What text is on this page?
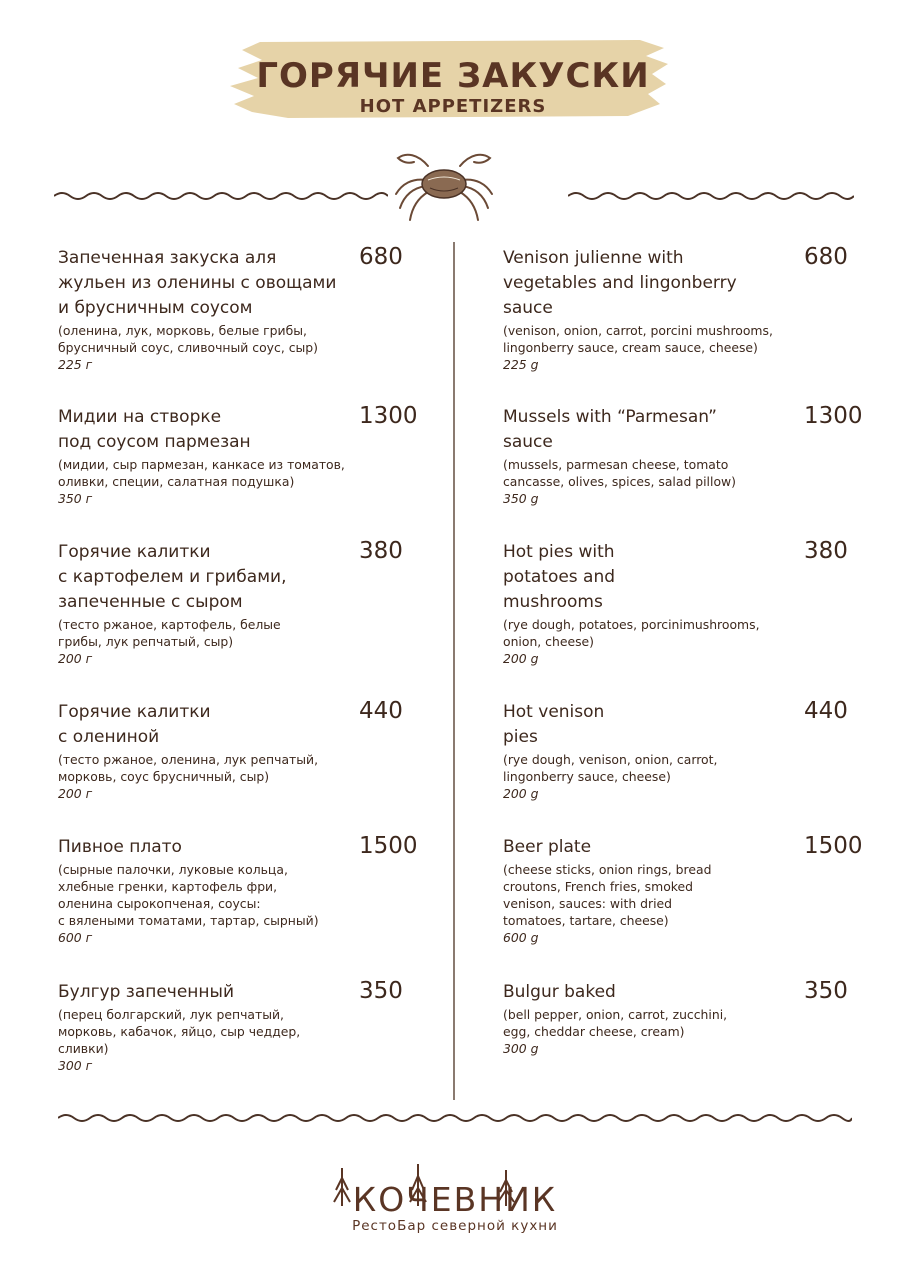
ГОРЯЧИЕ ЗАКУСКИ
HOT APPETIZERS
Запеченная закуска аля
жульен из оленины с овощами
и брусничным соусом
(оленина, лук, морковь, белые грибы,
брусничный соус, сливочный соус, сыр)
225 г
680
Мидии на створке
под соусом пармезан
(мидии, сыр пармезан, канкасе из томатов,
оливки, специи, салатная подушка)
350 г
1300
Горячие калитки
с картофелем и грибами,
запеченные с сыром
(тесто ржаное, картофель, белые
грибы, лук репчатый, сыр)
200 г
380
Горячие калитки
с олениной
(тесто ржаное, оленина, лук репчатый,
морковь, соус брусничный, сыр)
200 г
440
Пивное плато
(сырные палочки, луковые кольца,
хлебные гренки, картофель фри,
оленина сырокопченая, соусы:
с вялеными томатами, тартар, сырный)
600 г
1500
Булгур запеченный
(перец болгарский, лук репчатый,
морковь, кабачок, яйцо, сыр чеддер,
сливки)
300 г
350
Venison julienne with
vegetables and lingonberry
sauce
(venison, onion, carrot, porcini mushrooms,
lingonberry sauce, cream sauce, cheese)
225 g
680
Mussels with “Parmesan”
sauce
(mussels, parmesan cheese, tomato
cancasse, olives, spices, salad pillow)
350 g
1300
Hot pies with
potatoes and
mushrooms
(rye dough, potatoes, porcinimushrooms,
onion, cheese)
200 g
380
Hot venison
pies
(rye dough, venison, onion, carrot,
lingonberry sauce, cheese)
200 g
440
Beer plate
(cheese sticks, onion rings, bread
croutons, French fries, smoked
venison, sauces: with dried
tomatoes, tartare, cheese)
600 g
1500
Bulgur baked
(bell pepper, onion, carrot, zucchini,
egg, cheddar cheese, cream)
300 g
350
КОЧЕВНИК
РестоБар северной кухни
